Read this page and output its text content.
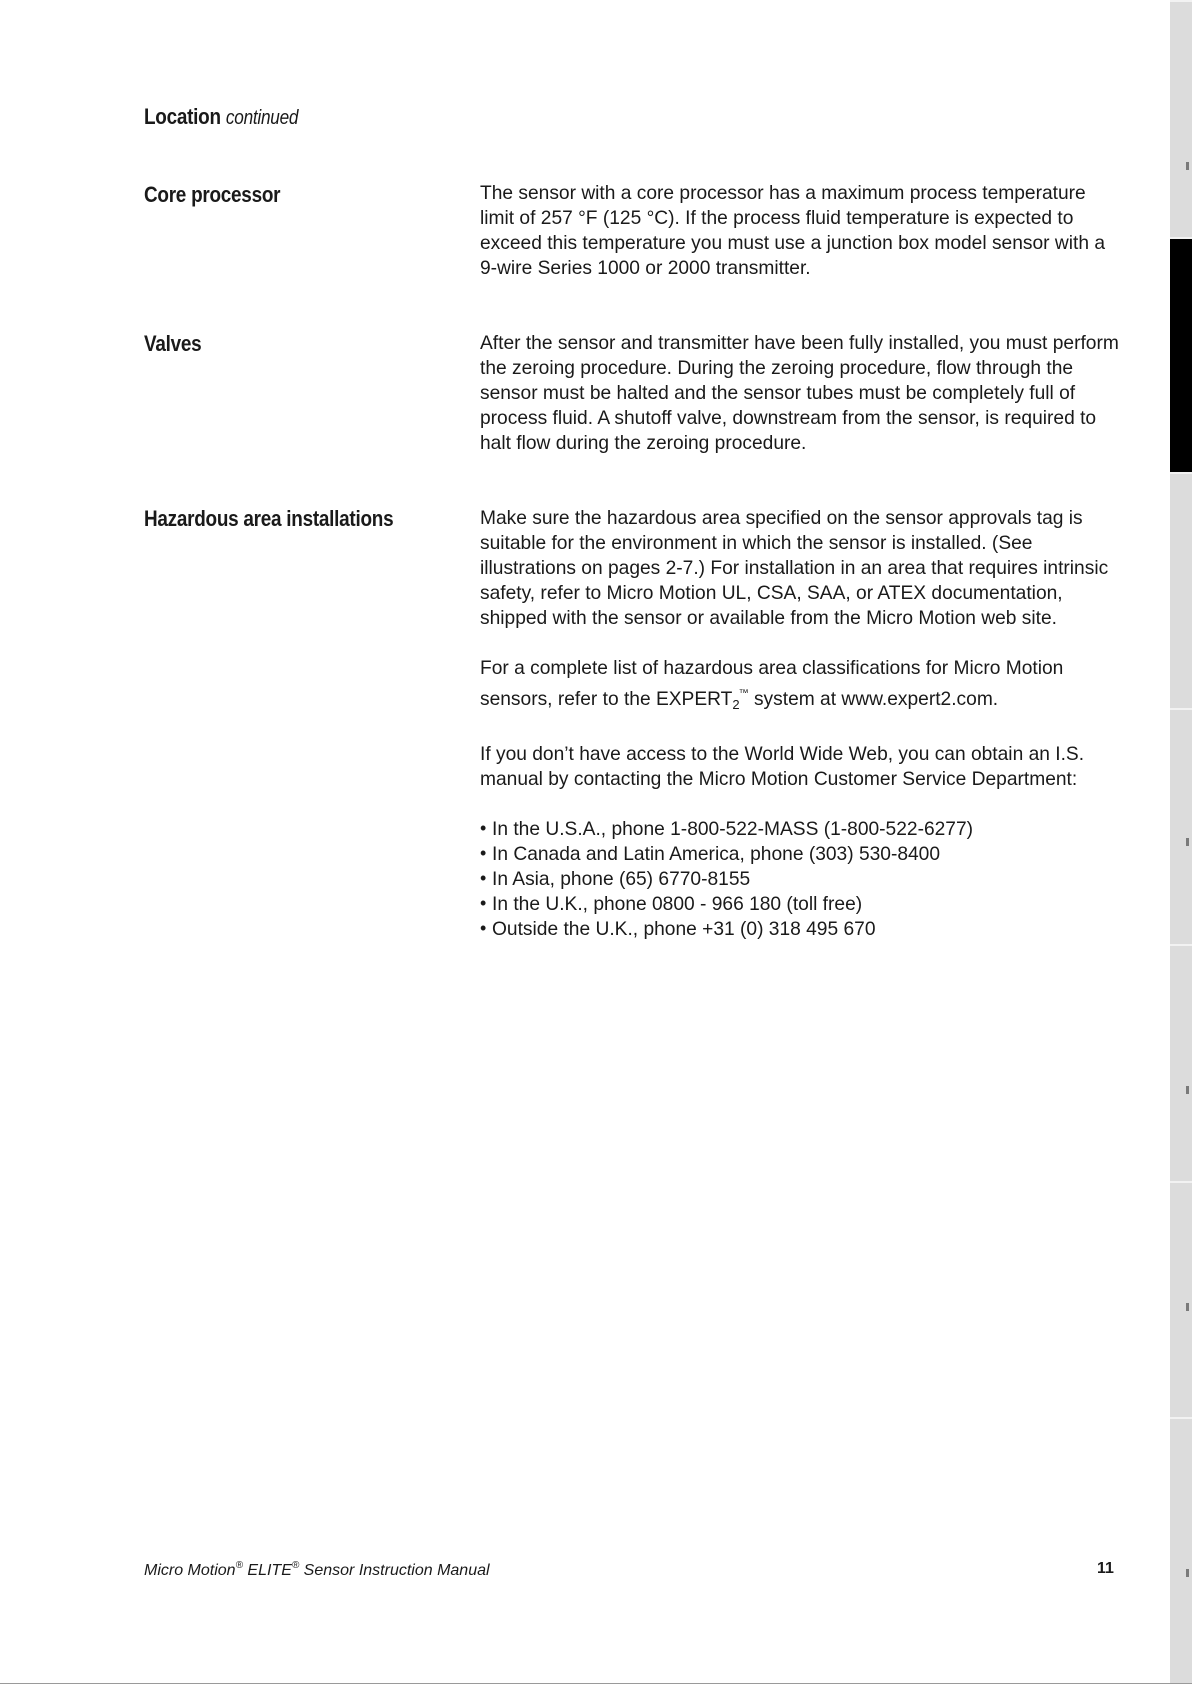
Location continued
Core processor	The sensor with a core processor has a maximum process temperature limit of 257 °F (125 °C). If the process fluid temperature is expected to exceed this temperature you must use a junction box model sensor with a 9-wire Series 1000 or 2000 transmitter.

Valves	After the sensor and transmitter have been fully installed, you must perform the zeroing procedure. During the zeroing procedure, flow through the sensor must be halted and the sensor tubes must be completely full of process fluid. A shutoff valve, downstream from the sensor, is required to halt flow during the zeroing procedure.

Hazardous area installations	Make sure the hazardous area specified on the sensor approvals tag is suitable for the environment in which the sensor is installed. (See illustrations on pages 2-7.) For installation in an area that requires intrinsic safety, refer to Micro Motion UL, CSA, SAA, or ATEX documentation, shipped with the sensor or available from the Micro Motion web site.

For a complete list of hazardous area classifications for Micro Motion sensors, refer to the $EXPERT_2™$ system at www.expert2.com.

If you don’t have access to the World Wide Web, you can obtain an I.S. manual by contacting the Micro Motion Customer Service Department:

• In the U.S.A., phone 1-800-522-MASS (1-800-522-6277)
• In Canada and Latin America, phone (303) 530-8400
• In Asia, phone (65) 6770-8155
• In the U.K., phone 0800 - 966 180 (toll free)
• Outside the U.K., phone +31 (0) 318 495 670
Micro Motion® ELITE® Sensor Instruction Manual	11
